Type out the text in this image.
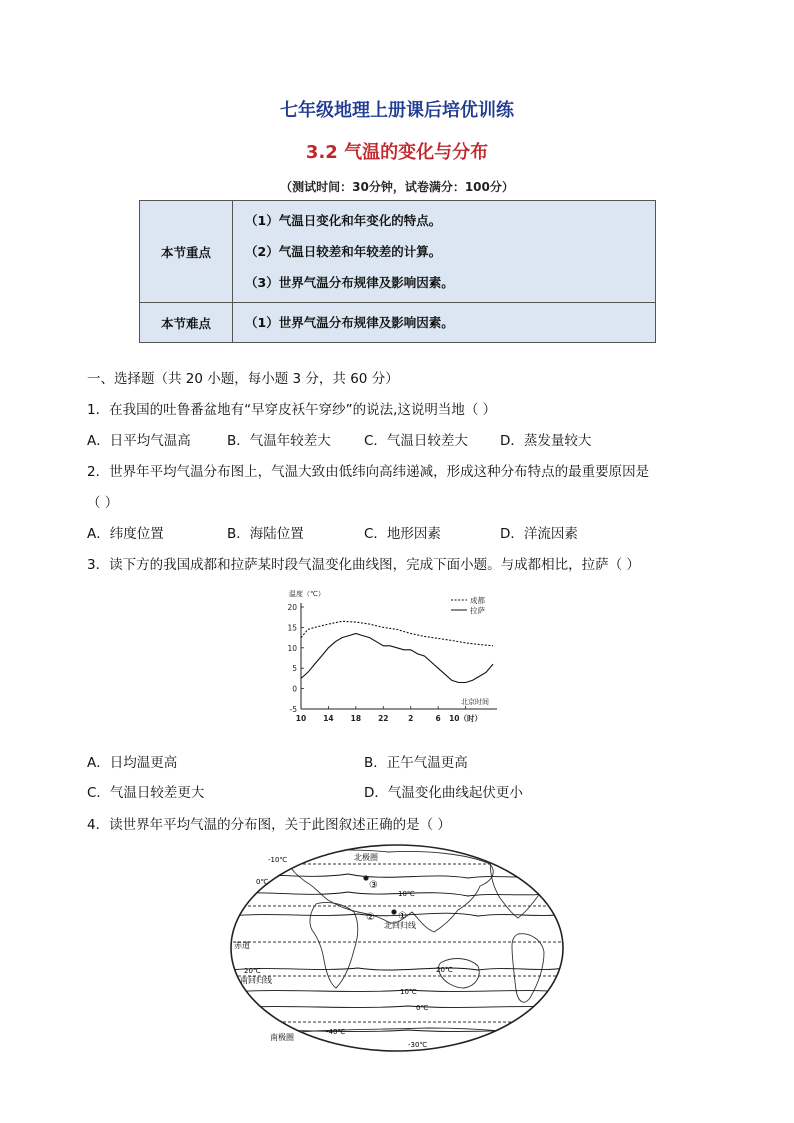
七年级地理上册课后培优训练
3.2 气温的变化与分布
（测试时间：30分钟，试卷满分：100分）
本节重点	（1）气温日变化和年变化的特点。
（2）气温日较差和年较差的计算。
（3）世界气温分布规律及影响因素。

本节难点	（1）世界气温分布规律及影响因素。
一、选择题（共 20 小题，每小题 3 分，共 60 分）
1．在我国的吐鲁番盆地有“早穿皮袄午穿纱”的说法,这说明当地（ ）
A．日平均气温高	B．气温年较差大 C．气温日较差大 D．蒸发量较大
2．世界年平均气温分布图上，气温大致由低纬向高纬递减，形成这种分布特点的最重要原因是
（ ）
A．纬度位置	B．海陆位置	C．地形因素	D．洋流因素
3．读下方的我国成都和拉萨某时段气温变化曲线图，完成下面小题。与成都相比，拉萨（ ）
温度（℃）
20
15
10
5
0
-5
10 14 18 22	2	6 10（时）
北京时间
成都
拉萨
A．日均温更高	B．正午气温更高
C．气温日较差更大	D．气温变化曲线起伏更小
4．读世界年平均气温的分布图，关于此图叙述正确的是（ ）
赤道
南回归线
北回归线
北极圈
南极圈
①
②
③
-10℃
0℃
10℃
20℃	20℃
10℃
0℃
-40℃
-30℃
